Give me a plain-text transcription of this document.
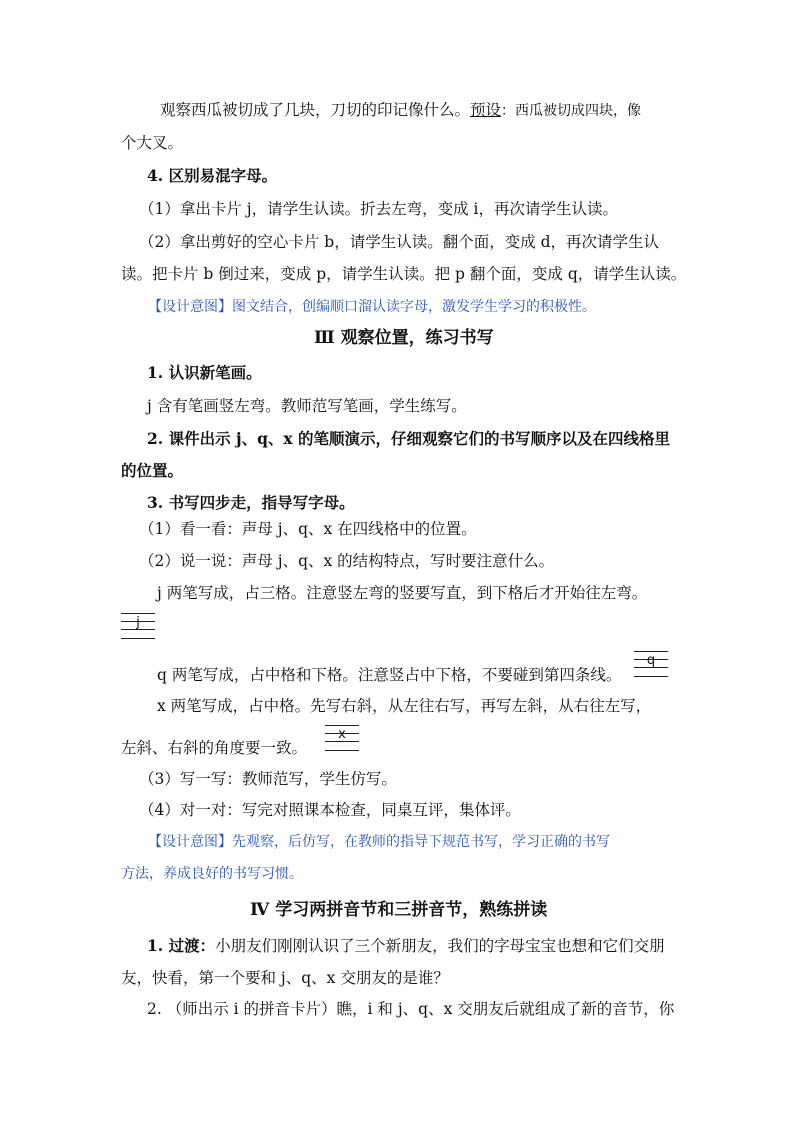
观察西瓜被切成了几块，刀切的印记像什么。预设：西瓜被切成四块，像
个大叉。
4. 区别易混字母。
（1）拿出卡片 j，请学生认读。折去左弯，变成 i，再次请学生认读。
（2）拿出剪好的空心卡片 b，请学生认读。翻个面，变成 d，再次请学生认
读。把卡片 b 倒过来，变成 p，请学生认读。把 p 翻个面，变成 q，请学生认读。
【设计意图】图文结合，创编顺口溜认读字母，激发学生学习的积极性。
Ⅲ 观察位置，练习书写
1. 认识新笔画。
j 含有笔画竖左弯。教师范写笔画，学生练写。
2. 课件出示 j、q、x 的笔顺演示，仔细观察它们的书写顺序以及在四线格里
的位置。
3. 书写四步走，指导写字母。
（1）看一看：声母 j、q、x 在四线格中的位置。
（2）说一说：声母 j、q、x 的结构特点，写时要注意什么。
j 两笔写成，占三格。注意竖左弯的竖要写直，到下格后才开始往左弯。
j
q 两笔写成，占中格和下格。注意竖占中下格，不要碰到第四条线。
q
x 两笔写成，占中格。先写右斜，从左往右写，再写左斜，从右往左写，
左斜、右斜的角度要一致。
x
（3）写一写：教师范写，学生仿写。
（4）对一对：写完对照课本检查，同桌互评，集体评。
【设计意图】先观察，后仿写，在教师的指导下规范书写，学习正确的书写
方法，养成良好的书写习惯。
Ⅳ 学习两拼音节和三拼音节，熟练拼读
1. 过渡：小朋友们刚刚认识了三个新朋友，我们的字母宝宝也想和它们交朋
友，快看，第一个要和 j、q、x 交朋友的是谁？
2. （师出示 i 的拼音卡片）瞧，i 和 j、q、x 交朋友后就组成了新的音节，你
